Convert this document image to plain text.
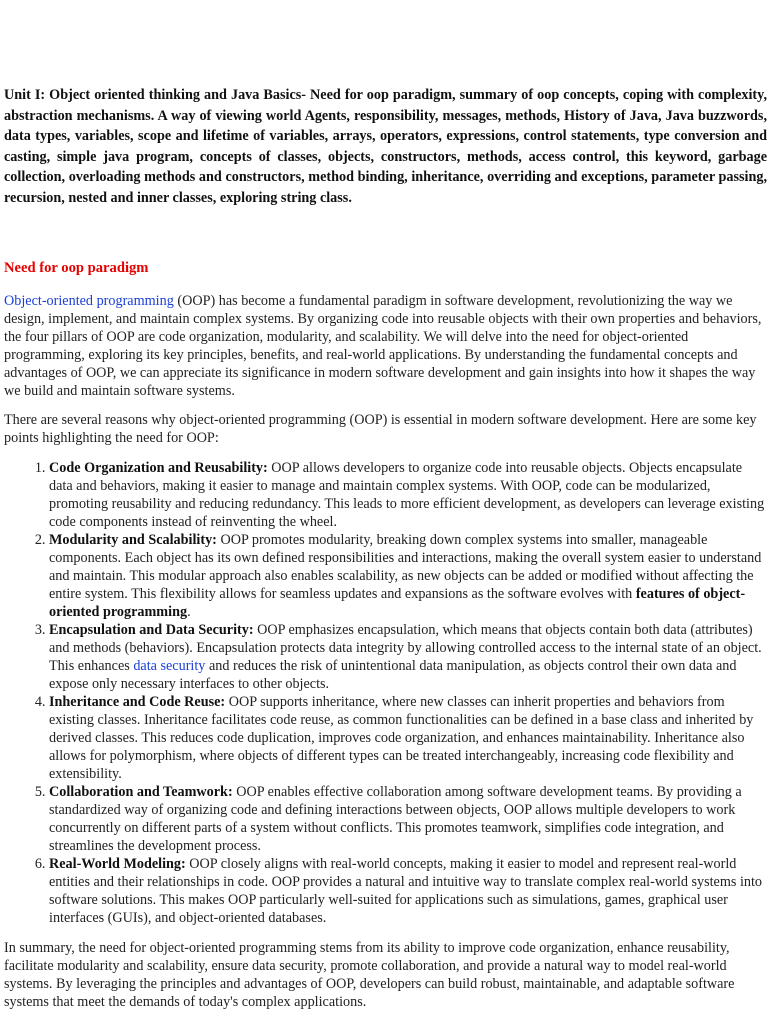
Unit I: Object oriented thinking and Java Basics- Need for oop paradigm, summary of oop concepts, coping with complexity, abstraction mechanisms. A way of viewing world Agents, responsibility, messages, methods, History of Java, Java buzzwords, data types, variables, scope and lifetime of variables, arrays, operators, expressions, control statements, type conversion and casting, simple java program, concepts of classes, objects, constructors, methods, access control, this keyword, garbage collection, overloading methods and constructors, method binding, inheritance, overriding and exceptions, parameter passing, recursion, nested and inner classes, exploring string class.

Need for oop paradigm

Object-oriented programming (OOP) has become a fundamental paradigm in software development, revolutionizing the way we design, implement, and maintain complex systems. By organizing code into reusable objects with their own properties and behaviors, the four pillars of OOP are code organization, modularity, and scalability. We will delve into the need for object-oriented programming, exploring its key principles, benefits, and real-world applications. By understanding the fundamental concepts and advantages of OOP, we can appreciate its significance in modern software development and gain insights into how it shapes the way we build and maintain software systems.

There are several reasons why object-oriented programming (OOP) is essential in modern software development. Here are some key points highlighting the need for OOP:

1. Code Organization and Reusability: OOP allows developers to organize code into reusable objects. Objects encapsulate data and behaviors, making it easier to manage and maintain complex systems. With OOP, code can be modularized, promoting reusability and reducing redundancy. This leads to more efficient development, as developers can leverage existing code components instead of reinventing the wheel.
2. Modularity and Scalability: OOP promotes modularity, breaking down complex systems into smaller, manageable components. Each object has its own defined responsibilities and interactions, making the overall system easier to understand and maintain. This modular approach also enables scalability, as new objects can be added or modified without affecting the entire system. This flexibility allows for seamless updates and expansions as the software evolves with features of object-oriented programming.
3. Encapsulation and Data Security: OOP emphasizes encapsulation, which means that objects contain both data (attributes) and methods (behaviors). Encapsulation protects data integrity by allowing controlled access to the internal state of an object. This enhances data security and reduces the risk of unintentional data manipulation, as objects control their own data and expose only necessary interfaces to other objects.
4. Inheritance and Code Reuse: OOP supports inheritance, where new classes can inherit properties and behaviors from existing classes. Inheritance facilitates code reuse, as common functionalities can be defined in a base class and inherited by derived classes. This reduces code duplication, improves code organization, and enhances maintainability. Inheritance also allows for polymorphism, where objects of different types can be treated interchangeably, increasing code flexibility and extensibility.
5. Collaboration and Teamwork: OOP enables effective collaboration among software development teams. By providing a standardized way of organizing code and defining interactions between objects, OOP allows multiple developers to work concurrently on different parts of a system without conflicts. This promotes teamwork, simplifies code integration, and streamlines the development process.
6. Real-World Modeling: OOP closely aligns with real-world concepts, making it easier to model and represent real-world entities and their relationships in code. OOP provides a natural and intuitive way to translate complex real-world systems into software solutions. This makes OOP particularly well-suited for applications such as simulations, games, graphical user interfaces (GUIs), and object-oriented databases.

In summary, the need for object-oriented programming stems from its ability to improve code organization, enhance reusability, facilitate modularity and scalability, ensure data security, promote collaboration, and provide a natural way to model real-world systems. By leveraging the principles and advantages of OOP, developers can build robust, maintainable, and adaptable software systems that meet the demands of today's complex applications.
